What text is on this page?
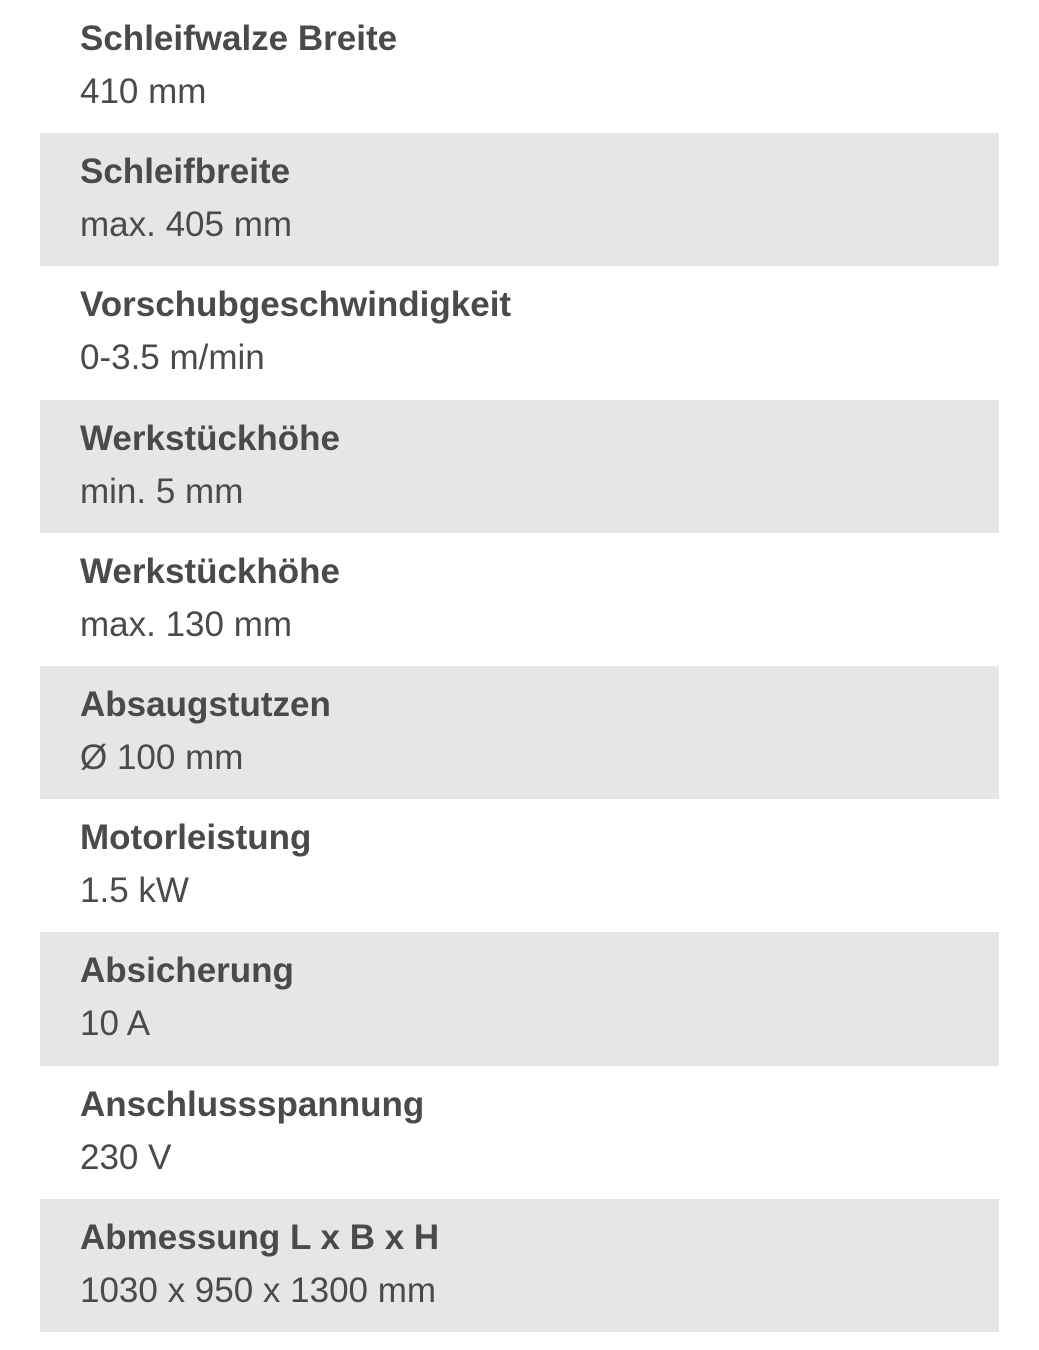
Schleifwalze Breite
410 mm
Schleifbreite
max. 405 mm
Vorschubgeschwindigkeit
0-3.5 m/min
Werkstückhöhe
min. 5 mm
Werkstückhöhe
max. 130 mm
Absaugstutzen
Ø 100 mm
Motorleistung
1.5 kW
Absicherung
10 A
Anschlussspannung
230 V
Abmessung L x B x H
1030 x 950 x 1300 mm
